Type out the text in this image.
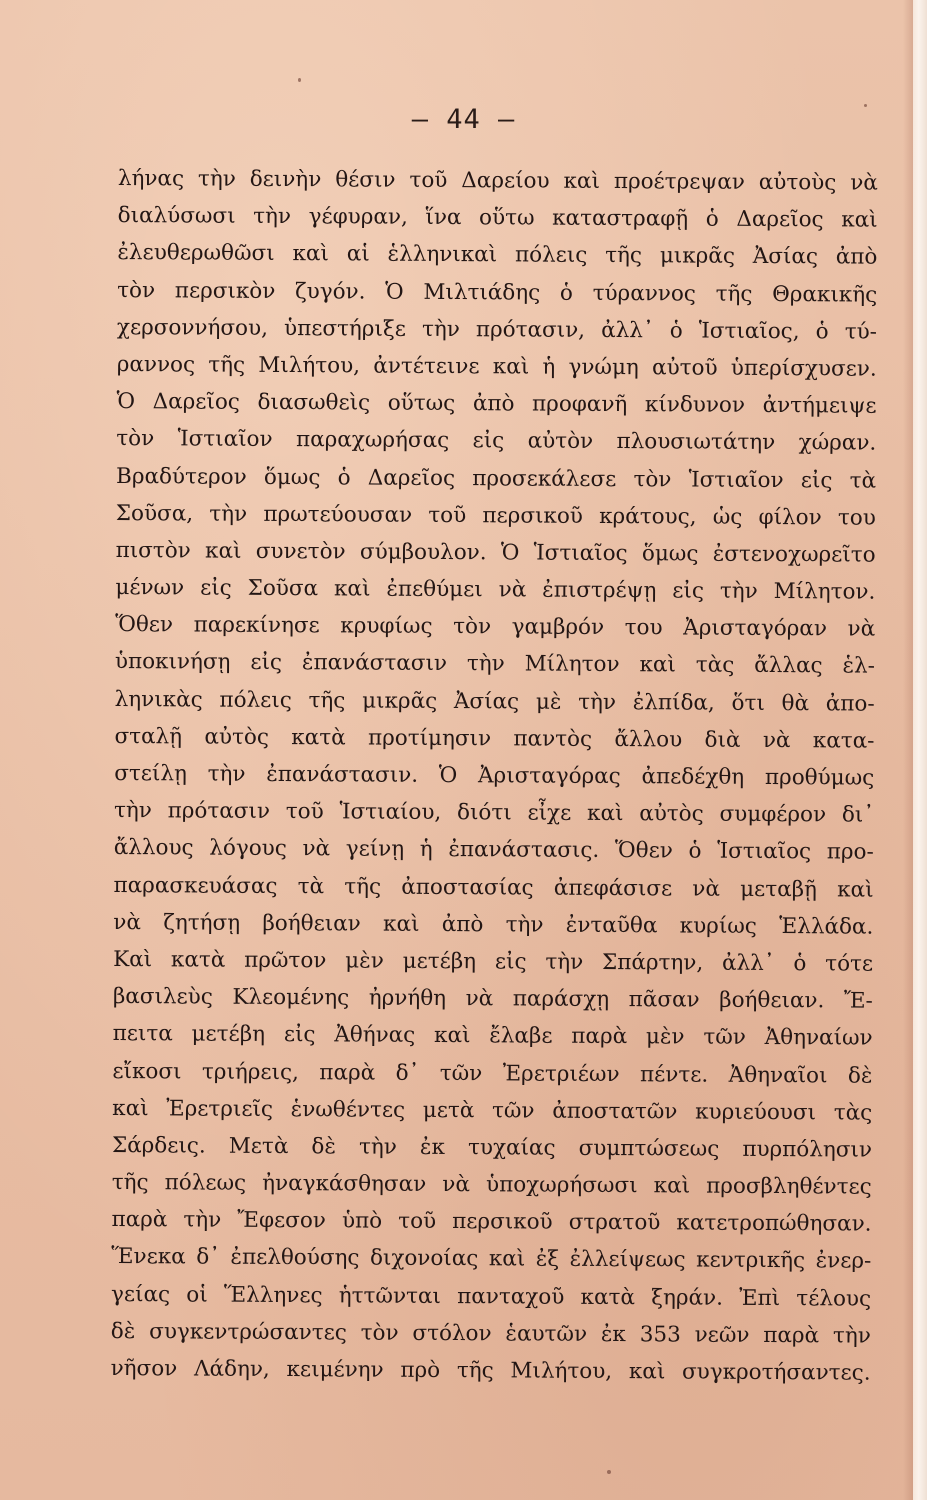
— 44 —
λήνας τὴν δεινὴν θέσιν τοῦ Δαρείου καὶ προέτρεψαν αὐτοὺς νὰ
διαλύσωσι τὴν γέφυραν, ἵνα οὕτω καταστραφῇ ὁ Δαρεῖος καὶ
ἐλευθερωθῶσι καὶ αἱ ἑλληνικαὶ πόλεις τῆς μικρᾶς Ἀσίας ἀπὸ
τὸν περσικὸν ζυγόν. Ὁ Μιλτιάδης ὁ τύραννος τῆς Θρακικῆς
χερσοννήσου, ὑπεστήριξε τὴν πρότασιν, ἀλλ᾽ ὁ Ἱστιαῖος, ὁ τύ-
ραννος τῆς Μιλήτου, ἀντέτεινε καὶ ἡ γνώμη αὐτοῦ ὑπερίσχυσεν.
Ὁ Δαρεῖος διασωθεὶς οὕτως ἀπὸ προφανῆ κίνδυνον ἀντήμειψε
τὸν Ἱστιαῖον παραχωρήσας εἰς αὐτὸν πλουσιωτάτην χώραν.
Βραδύτερον ὅμως ὁ Δαρεῖος προσεκάλεσε τὸν Ἱστιαῖον εἰς τὰ
Σοῦσα, τὴν πρωτεύουσαν τοῦ περσικοῦ κράτους, ὡς φίλον του
πιστὸν καὶ συνετὸν σύμβουλον. Ὁ Ἱστιαῖος ὅμως ἐστενοχωρεῖτο
μένων εἰς Σοῦσα καὶ ἐπεθύμει νὰ ἐπιστρέψῃ εἰς τὴν Μίλητον.
Ὅθεν παρεκίνησε κρυφίως τὸν γαμβρόν του Ἀρισταγόραν νὰ
ὑποκινήσῃ εἰς ἐπανάστασιν τὴν Μίλητον καὶ τὰς ἄλλας ἑλ-
ληνικὰς πόλεις τῆς μικρᾶς Ἀσίας μὲ τὴν ἐλπίδα, ὅτι θὰ ἀπο-
σταλῇ αὐτὸς κατὰ προτίμησιν παντὸς ἄλλου διὰ νὰ κατα-
στείλῃ τὴν ἐπανάστασιν. Ὁ Ἀρισταγόρας ἀπεδέχθη προθύμως
τὴν πρότασιν τοῦ Ἱστιαίου, διότι εἶχε καὶ αὐτὸς συμφέρον δι᾽
ἄλλους λόγους νὰ γείνῃ ἡ ἐπανάστασις. Ὅθεν ὁ Ἱστιαῖος προ-
παρασκευάσας τὰ τῆς ἀποστασίας ἀπεφάσισε νὰ μεταβῇ καὶ
νὰ ζητήσῃ βοήθειαν καὶ ἀπὸ τὴν ἐνταῦθα κυρίως Ἑλλάδα.
Καὶ κατὰ πρῶτον μὲν μετέβη εἰς τὴν Σπάρτην, ἀλλ᾽ ὁ τότε
βασιλεὺς Κλεομένης ἠρνήθη νὰ παράσχῃ πᾶσαν βοήθειαν. Ἔ-
πειτα μετέβη εἰς Ἀθήνας καὶ ἔλαβε παρὰ μὲν τῶν Ἀθηναίων
εἴκοσι τριήρεις, παρὰ δ᾽ τῶν Ἐρετριέων πέντε. Ἀθηναῖοι δὲ
καὶ Ἐρετριεῖς ἑνωθέντες μετὰ τῶν ἀποστατῶν κυριεύουσι τὰς
Σάρδεις. Μετὰ δὲ τὴν ἐκ τυχαίας συμπτώσεως πυρπόλησιν
τῆς πόλεως ἠναγκάσθησαν νὰ ὑποχωρήσωσι καὶ προσβληθέντες
παρὰ τὴν Ἔφεσον ὑπὸ τοῦ περσικοῦ στρατοῦ κατετροπώθησαν.
Ἕνεκα δ᾽ ἐπελθούσης διχονοίας καὶ ἐξ ἐλλείψεως κεντρικῆς ἐνερ-
γείας οἱ Ἕλληνες ἡττῶνται πανταχοῦ κατὰ ξηράν. Ἐπὶ τέλους
δὲ συγκεντρώσαντες τὸν στόλον ἑαυτῶν ἐκ 353 νεῶν παρὰ τὴν
νῆσον Λάδην, κειμένην πρὸ τῆς Μιλήτου, καὶ συγκροτήσαντες.
